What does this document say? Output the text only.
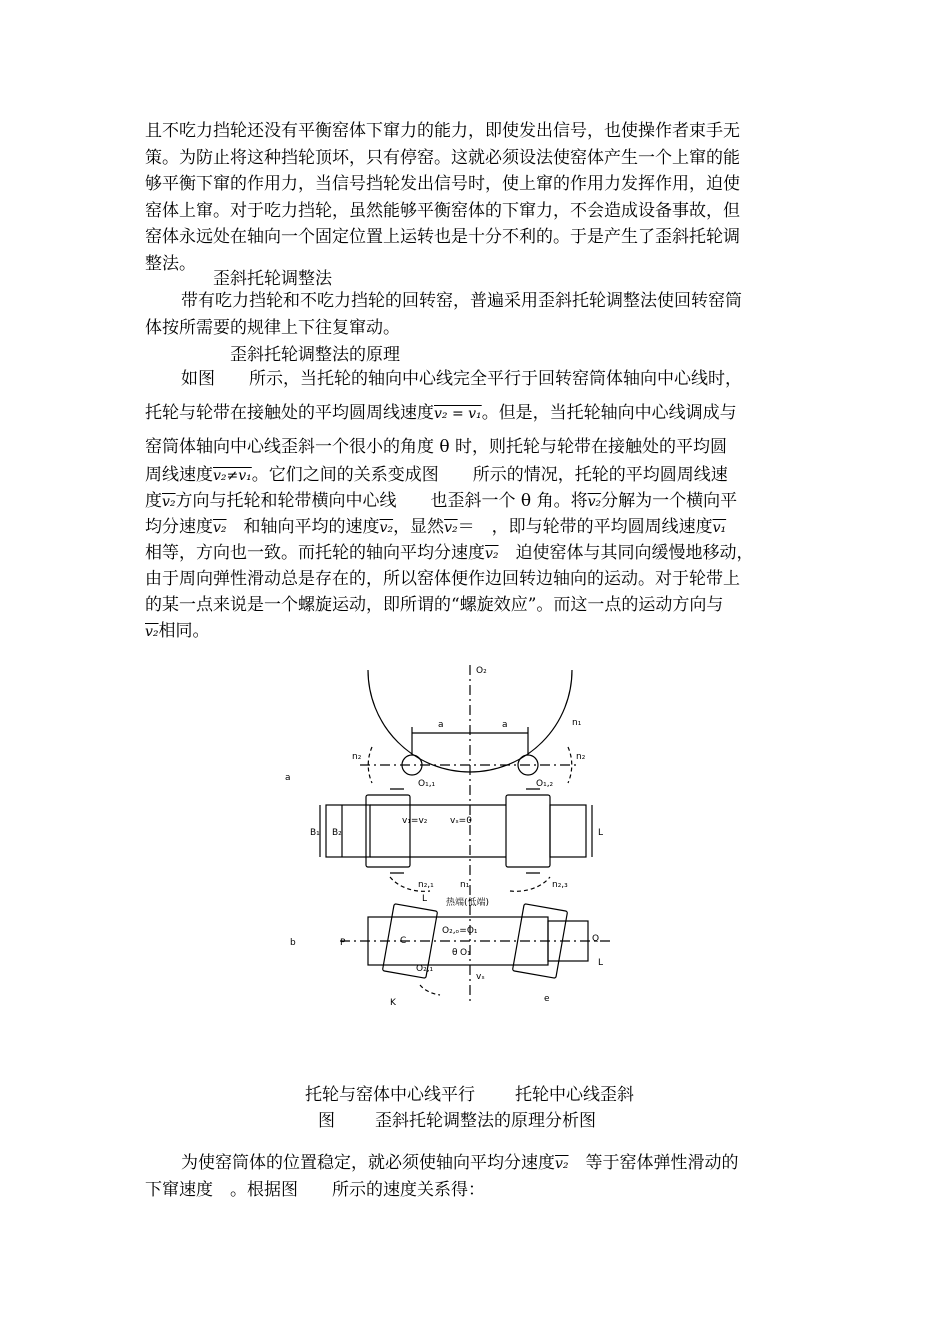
且不吃力挡轮还没有平衡窑体下窜力的能力，即使发出信号，也使操作者束手无
策。为防止将这种挡轮顶坏，只有停窑。这就必须设法使窑体产生一个上窜的能
够平衡下窜的作用力，当信号挡轮发出信号时，使上窜的作用力发挥作用，迫使
窑体上窜。对于吃力挡轮，虽然能够平衡窑体的下窜力，不会造成设备事故，但
窑体永远处在轴向一个固定位置上运转也是十分不利的。于是产生了歪斜托轮调
整法。
歪斜托轮调整法
带有吃力挡轮和不吃力挡轮的回转窑，普遍采用歪斜托轮调整法使回转窑筒
体按所需要的规律上下往复窜动。
歪斜托轮调整法的原理
如图　　所示，当托轮的轴向中心线完全平行于回转窑筒体轴向中心线时，
托轮与轮带在接触处的平均圆周线速度v₂ = v₁。但是，当托轮轴向中心线调成与
窑筒体轴向中心线歪斜一个很小的角度 θ 时，则托轮与轮带在接触处的平均圆
周线速度v₂≠v₁。它们之间的关系变成图　　所示的情况，托轮的平均圆周线速
度v₂方向与托轮和轮带横向中心线　　也歪斜一个 θ 角。将v₂分解为一个横向平
均分速度v₂　和轴向平均的速度v₂，显然v₂＝　，即与轮带的平均圆周线速度v₁
相等，方向也一致。而托轮的轴向平均分速度v₂　迫使窑体与其同向缓慢地移动，
由于周向弹性滑动总是存在的，所以窑体便作边回转边轴向的运动。对于轮带上
的某一点来说是一个螺旋运动，即所谓的“螺旋效应”。而这一点的运动方向与
v₂相同。
O₂
n₁
a	a
n₂	n₂
O₁,₁	O₁,₂
a
B₁ B₂	L
v₁=v₂	vₛ=0
n₂,₁	n₁	n₂,₃
L 热端(低端)
b	P	C	Q
O₂,ₒ=O₁
θ O₁
O₂,₁
vₛ
K	e
L
托轮与窑体中心线平行 托轮中心线歪斜
图 歪斜托轮调整法的原理分析图
为使窑筒体的位置稳定，就必须使轴向平均分速度v₂　等于窑体弹性滑动的
下窜速度　。根据图　　所示的速度关系得：
